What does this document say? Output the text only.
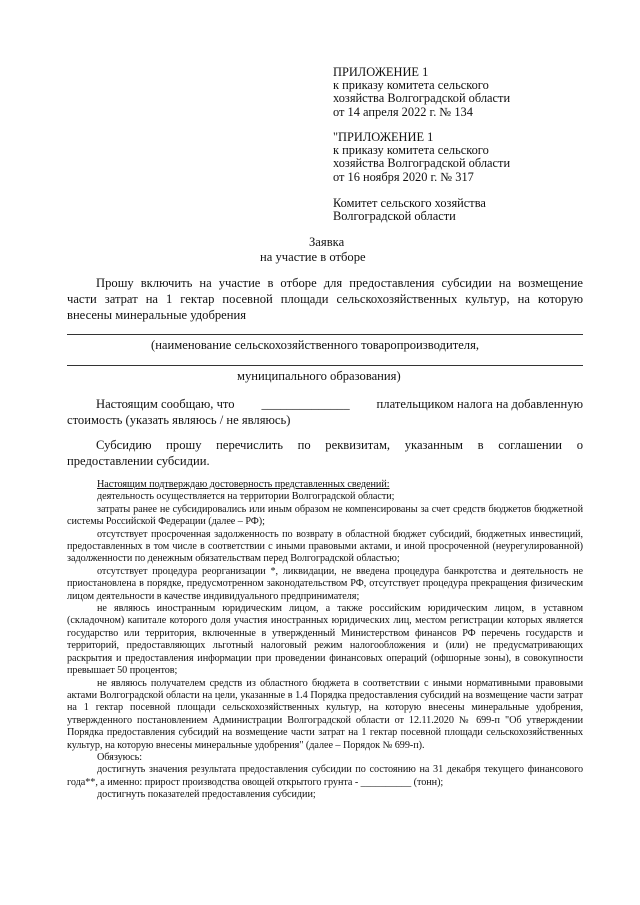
ПРИЛОЖЕНИЕ 1
к приказу комитета сельского
хозяйства Волгоградской области
от 14 апреля 2022 г. № 134
"ПРИЛОЖЕНИЕ 1
к приказу комитета сельского
хозяйства Волгоградской области
от 16 ноября 2020 г. № 317
Комитет сельского хозяйства
Волгоградской области
Заявка
на участие в отборе
Прошу включить на участие в отборе для предоставления субсидии на возмещение
части затрат на 1 гектар посевной площади сельскохозяйственных культур, на которую
внесены минеральные удобрения
(наименование сельскохозяйственного товаропроизводителя,
муниципального образования)
Настоящим сообщаю, что ______________ плательщиком налога на добавленную
стоимость (указать являюсь / не являюсь)
Субсидию прошу перечислить по реквизитам, указанным в соглашении о
предоставлении субсидии.

Настоящим подтверждаю достоверность представленных сведений:

деятельность осуществляется на территории Волгоградской области;

затраты ранее не субсидировались или иным образом не компенсированы за счет средств бюджетов бюджетной системы Российской Федерации (далее – РФ);

отсутствует просроченная задолженность по возврату в областной бюджет субсидий, бюджетных инвестиций, предоставленных в том числе в соответствии с иными правовыми актами, и иной просроченной (неурегулированной) задолженности по денежным обязательствам перед Волгоградской областью;

отсутствует процедура реорганизации *, ликвидации, не введена процедура банкротства и деятельность не приостановлена в порядке, предусмотренном законодательством РФ, отсутствует процедура прекращения физическим лицом деятельности в качестве индивидуального предпринимателя;

не являюсь иностранным юридическим лицом, а также российским юридическим лицом, в уставном (складочном) капитале которого доля участия иностранных юридических лиц, местом регистрации которых является государство или территория, включенные в утвержденный Министерством финансов РФ перечень государств и территорий, предоставляющих льготный налоговый режим налогообложения и (или) не предусматривающих раскрытия и предоставления информации при проведении финансовых операций (офшорные зоны), в совокупности превышает 50 процентов;

не являюсь получателем средств из областного бюджета в соответствии с иными нормативными правовыми актами Волгоградской области на цели, указанные в 1.4 Порядка предоставления субсидий на возмещение части затрат на 1 гектар посевной площади сельскохозяйственных культур, на которую внесены минеральные удобрения, утвержденного постановлением Администрации Волгоградской области от 12.11.2020 № 699-п "Об утверждении Порядка предоставления субсидий на возмещение части затрат на 1 гектар посевной площади сельскохозяйственных культур, на которую внесены минеральные удобрения" (далее – Порядок № 699-п).

Обязуюсь:

достигнуть значения результата предоставления субсидии по состоянию на 31 декабря текущего финансового года**, а именно: прирост производства овощей открытого грунта - __________ (тонн);

достигнуть показателей предоставления субсидии;
